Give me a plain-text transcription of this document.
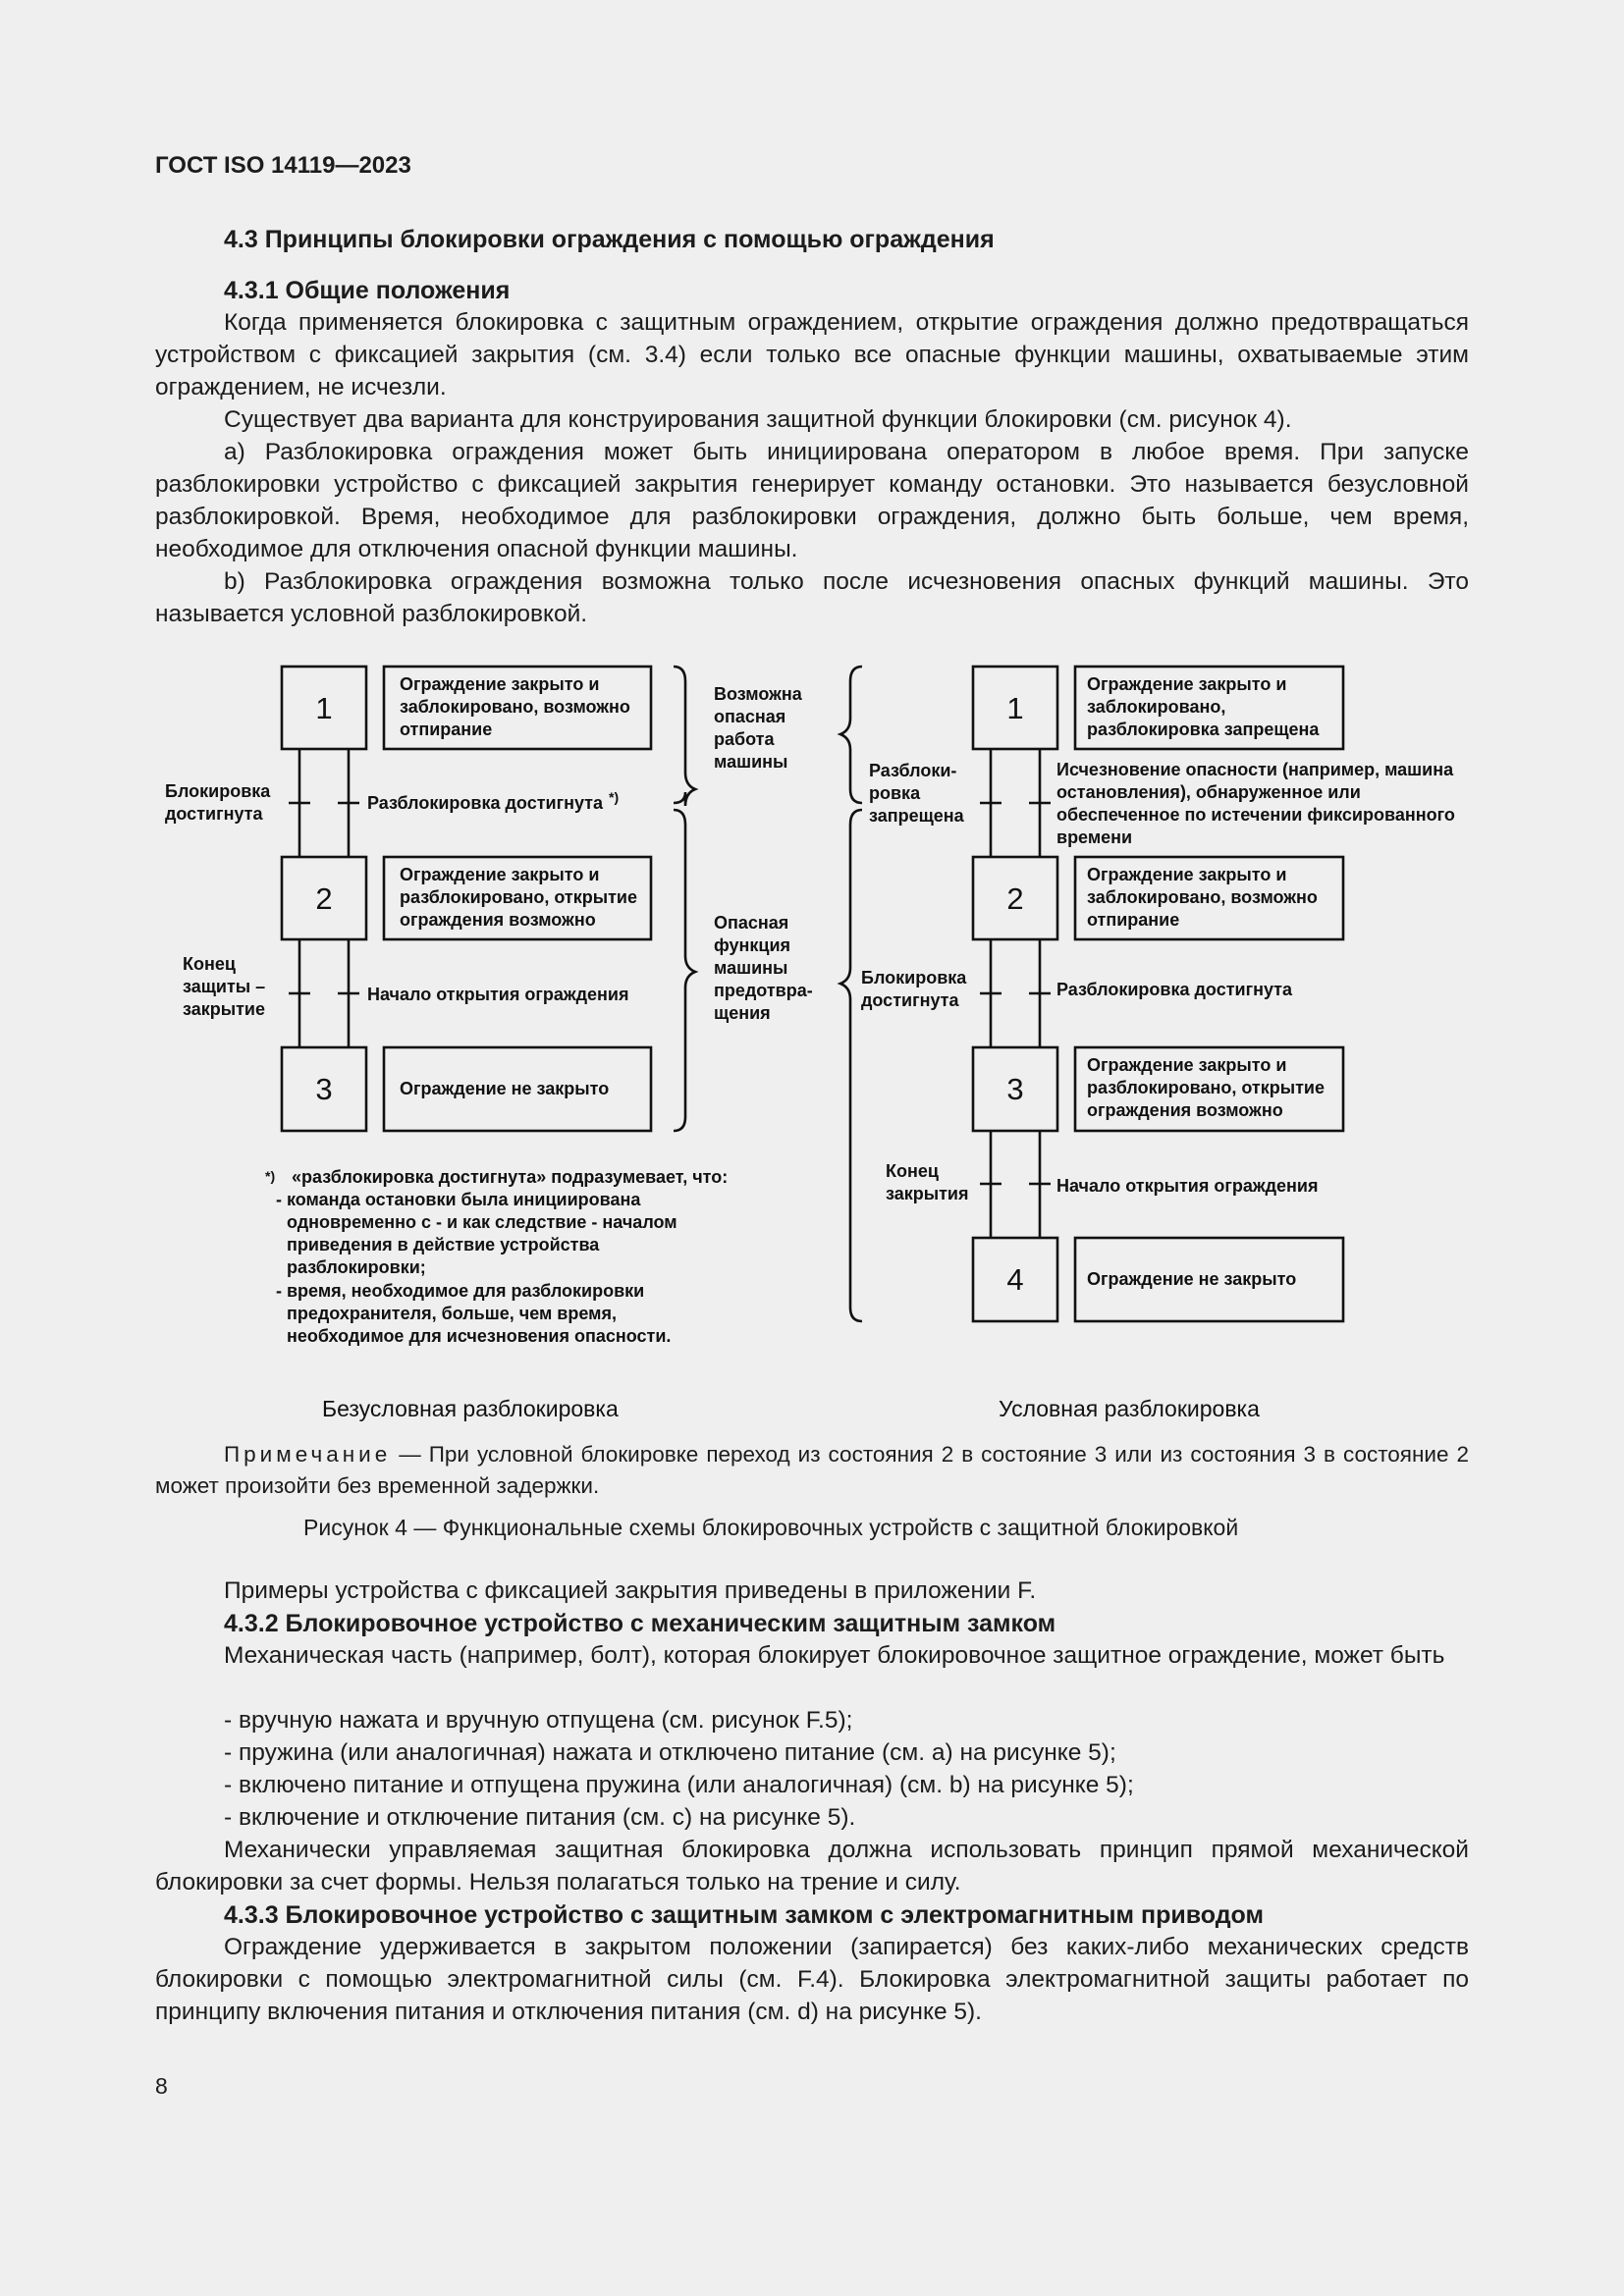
ГОСТ ISO 14119—2023
4.3 Принципы блокировки ограждения с помощью ограждения
4.3.1 Общие положения

Когда применяется блокировка с защитным ограждением, открытие ограждения должно предотвращаться устройством с фиксацией закрытия (см. 3.4) если только все опасные функции машины, охватываемые этим ограждением, не исчезли.

Существует два варианта для конструирования защитной функции блокировки (см. рисунок 4).

a) Разблокировка ограждения может быть инициирована оператором в любое время. При запуске разблокировки устройство с фиксацией закрытия генерирует команду остановки. Это называется безусловной разблокировкой. Время, необходимое для разблокировки ограждения, должно быть больше, чем время, необходимое для отключения опасной функции машины.

b) Разблокировка ограждения возможна только после исчезновения опасных функций машины. Это называется условной разблокировкой.

1
2
3
Ограждение закрыто и
заблокировано, возможно
отпирание
Ограждение закрыто и
разблокировано, открытие
ограждения возможно
Ограждение не закрыто
Разблокировка достигнута *)
Блокировка
достигнута
Начало открытия ограждения
Конец
защиты –
закрытие
Возможна
опасная
работа
машины
Опасная
функция
машины
предотвра-
щения
*) «разблокировка достигнута» подразумевает, что:
- команда остановки была инициирована
одновременно с - и как следствие - началом
приведения в действие устройства
разблокировки;
- время, необходимое для разблокировки
предохранителя, больше, чем время,
необходимое для исчезновения опасности.
1
2
3
4
Ограждение закрыто и
заблокировано,
разблокировка запрещена
Ограждение закрыто и
заблокировано, возможно
отпирание
Ограждение закрыто и
разблокировано, открытие
ограждения возможно
Ограждение не закрыто
Исчезновение опасности (например, машина
остановления), обнаруженное или
обеспеченное по истечении фиксированного
времени
Разблокировка достигнута
Блокировка
достигнута
Начало открытия ограждения
Конец
закрытия
Разблоки-
ровка
запрещена
Безусловная разблокировка	Условная разблокировка
Примечание — При условной блокировке переход из состояния 2 в состояние 3 или из состояния 3 в состояние 2 может произойти без временной задержки.
Рисунок 4 — Функциональные схемы блокировочных устройств с защитной блокировкой
Примеры устройства с фиксацией закрытия приведены в приложении F.
4.3.2 Блокировочное устройство с механическим защитным замком

Механическая часть (например, болт), которая блокирует блокировочное защитное ограждение, может быть

- вручную нажата и вручную отпущена (см. рисунок F.5);
- пружина (или аналогичная) нажата и отключено питание (см. а) на рисунке 5);
- включено питание и отпущена пружина (или аналогичная) (см. b) на рисунке 5);
- включение и отключение питания (см. с) на рисунке 5).

Механически управляемая защитная блокировка должна использовать принцип прямой механической блокировки за счет формы. Нельзя полагаться только на трение и силу.

4.3.3 Блокировочное устройство с защитным замком с электромагнитным приводом

Ограждение удерживается в закрытом положении (запирается) без каких-либо механических средств блокировки с помощью электромагнитной силы (см. F.4). Блокировка электромагнитной защиты работает по принципу включения питания и отключения питания (см. d) на рисунке 5).

8
